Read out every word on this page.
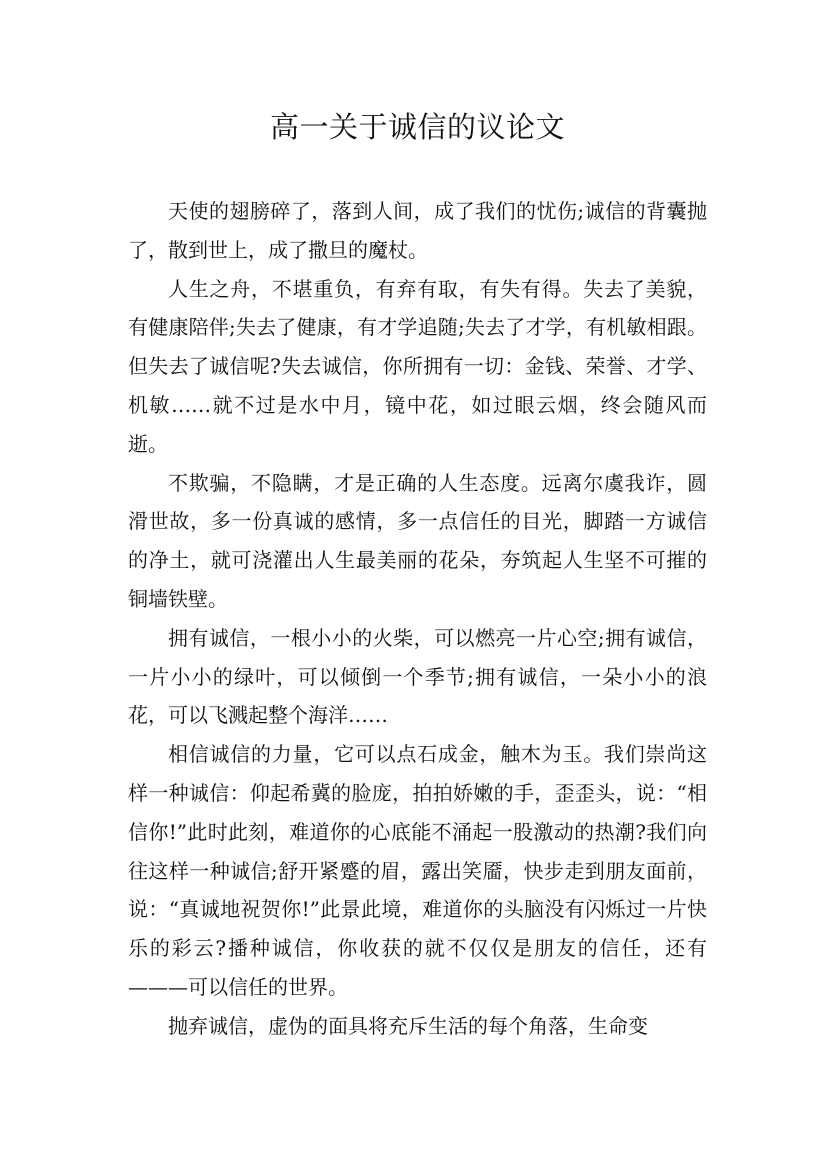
高一关于诚信的议论文

天使的翅膀碎了，落到人间，成了我们的忧伤;诚信的背囊抛了，散到世上，成了撒旦的魔杖。

人生之舟，不堪重负，有弃有取，有失有得。失去了美貌，有健康陪伴;失去了健康，有才学追随;失去了才学，有机敏相跟。但失去了诚信呢?失去诚信，你所拥有一切：金钱、荣誉、才学、机敏……就不过是水中月，镜中花，如过眼云烟，终会随风而逝。

不欺骗，不隐瞒，才是正确的人生态度。远离尔虞我诈，圆滑世故，多一份真诚的感情，多一点信任的目光，脚踏一方诚信的净土，就可浇灌出人生最美丽的花朵，夯筑起人生坚不可摧的铜墙铁壁。

拥有诚信，一根小小的火柴，可以燃亮一片心空;拥有诚信，一片小小的绿叶，可以倾倒一个季节;拥有诚信，一朵小小的浪花，可以飞溅起整个海洋……

相信诚信的力量，它可以点石成金，触木为玉。我们崇尚这样一种诚信：仰起希冀的脸庞，拍拍娇嫩的手，歪歪头，说：“相信你!”此时此刻，难道你的心底能不涌起一股激动的热潮?我们向往这样一种诚信;舒开紧蹙的眉，露出笑靥，快步走到朋友面前，说：“真诚地祝贺你!”此景此境，难道你的头脑没有闪烁过一片快乐的彩云?播种诚信，你收获的就不仅仅是朋友的信任，还有———可以信任的世界。

抛弃诚信，虚伪的面具将充斥生活的每个角落，生命变
